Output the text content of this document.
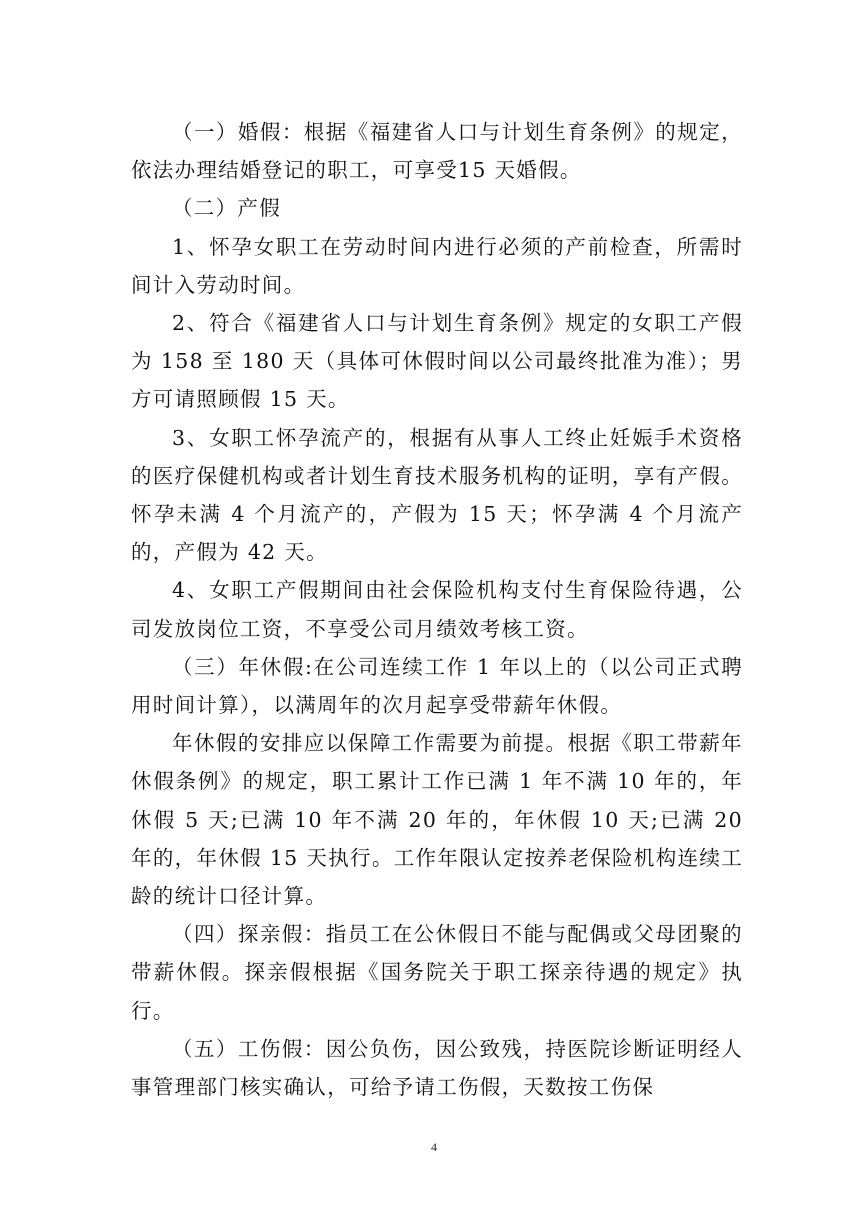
（一）婚假：根据《福建省人口与计划生育条例》的规定，依法办理结婚登记的职工，可享受15 天婚假。

（二）产假

1、怀孕女职工在劳动时间内进行必须的产前检查，所需时间计入劳动时间。

2、符合《福建省人口与计划生育条例》规定的女职工产假为 158 至 180 天（具体可休假时间以公司最终批准为准）；男方可请照顾假 15 天。

3、女职工怀孕流产的，根据有从事人工终止妊娠手术资格的医疗保健机构或者计划生育技术服务机构的证明，享有产假。怀孕未满 4 个月流产的，产假为 15 天；怀孕满 4 个月流产的，产假为 42 天。

4、女职工产假期间由社会保险机构支付生育保险待遇，公司发放岗位工资，不享受公司月绩效考核工资。

（三）年休假:在公司连续工作 1 年以上的（以公司正式聘用时间计算），以满周年的次月起享受带薪年休假。

年休假的安排应以保障工作需要为前提。根据《职工带薪年休假条例》的规定，职工累计工作已满 1 年不满 10 年的，年休假 5 天;已满 10 年不满 20 年的，年休假 10 天;已满 20 年的，年休假 15 天执行。工作年限认定按养老保险机构连续工龄的统计口径计算。

（四）探亲假：指员工在公休假日不能与配偶或父母团聚的带薪休假。探亲假根据《国务院关于职工探亲待遇的规定》执行。

（五）工伤假：因公负伤，因公致残，持医院诊断证明经人事管理部门核实确认，可给予请工伤假，天数按工伤保

4
